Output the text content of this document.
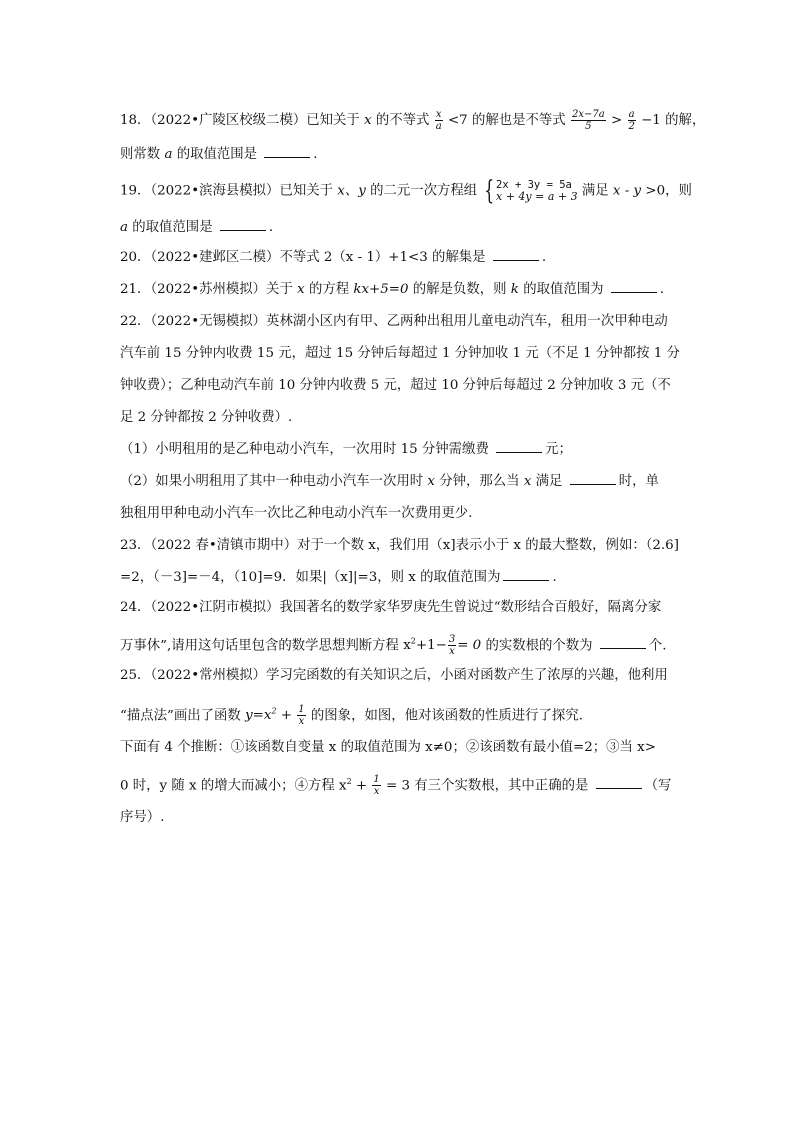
18．（2022•广陵区校级二模）已知关于 x 的不等式 $\frac{x}{a} <7$ 的解也是不等式 $\frac{2x-7a}{5} > \frac{a}{2} -1$ 的解，
则常数 a 的取值范围是	.
19．（2022•滨海县模拟）已知关于 x、y 的二元一次方程组 { 2x + 3y = 5a
x + 4y = a + 3 满足 x - y >0，则
a 的取值范围是	.
20．（2022•建邺区二模）不等式 2（x - 1）+1<3 的解集是	.
21．（2022•苏州模拟）关于 x 的方程 kx+5=0 的解是负数，则 k 的取值范围为	.
22．（2022•无锡模拟）英林湖小区内有甲、乙两种出租用儿童电动汽车，租用一次甲种电动
汽车前 15 分钟内收费 15 元，超过 15 分钟后每超过 1 分钟加收 1 元（不足 1 分钟都按 1 分
钟收费）；乙种电动汽车前 10 分钟内收费 5 元，超过 10 分钟后每超过 2 分钟加收 3 元（不
足 2 分钟都按 2 分钟收费）.
（1）小明租用的是乙种电动小汽车，一次用时 15 分钟需缴费	元；
（2）如果小明租用了其中一种电动小汽车一次用时 x 分钟，那么当 x 满足	时，单
独租用甲种电动小汽车一次比乙种电动小汽车一次费用更少.
23．（2022 春•清镇市期中）对于一个数 x，我们用（x]表示小于 x 的最大整数，例如：（2.6]
=2，（－3]=－4，（10]=9．如果|（x]|=3，则 x 的取值范围为	.
24．（2022•江阴市模拟）我国著名的数学家华罗庚先生曾说过“数形结合百般好，隔离分家
万事休”,请用这句话里包含的数学思想判断方程 $x^2+1- \frac{3}{x} = 0$ 的实数根的个数为	个.
25．（2022•常州模拟）学习完函数的有关知识之后，小函对函数产生了浓厚的兴趣，他利用
“描点法”画出了函数 $y=x^2 + \frac{1}{x}$ 的图象，如图，他对该函数的性质进行了探究.
下面有 4 个推断：①该函数自变量 x 的取值范围为 x≠0；②该函数有最小值=2；③当 x>
0 时，y 随 x 的增大而减小；④方程 $x^2 + \frac{1}{x} = 3$ 有三个实数根，其中正确的是	（写
序号）.
